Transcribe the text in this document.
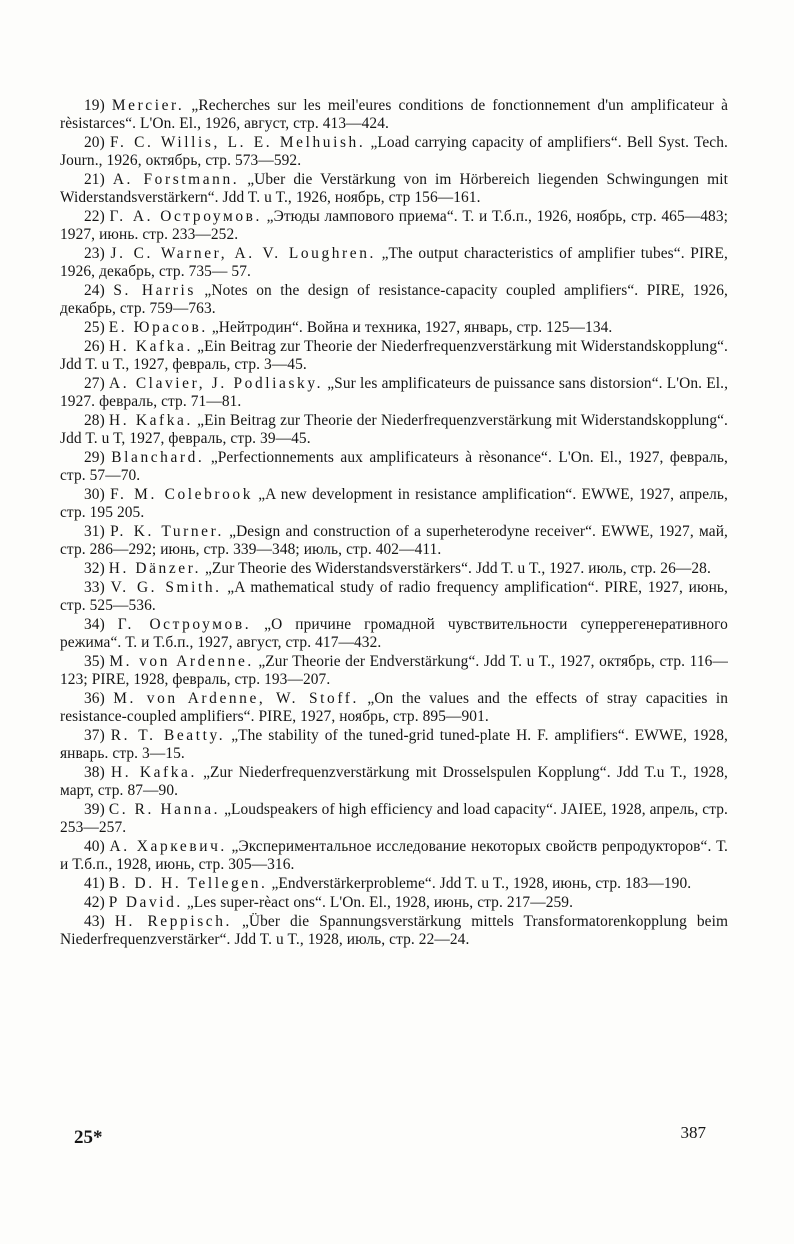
19) Mercier. „Recherches sur les meil'eures conditions de fonctionnement d'un amplificateur à rèsistarces“. L'On. El., 1926, август, стр. 413—424.

20) F. C. Willis, L. E. Melhuish. „Load carrying capacity of amplifiers“. Bell Syst. Tech. Journ., 1926, октябрь, стр. 573—592.

21) A. Forstmann. „Uber die Verstärkung von im Hörbereich liegenden Schwingungen mit Widerstandsverstärkern“. Jdd T. u T., 1926, ноябрь, стр 156—161.

22) Г. А. Остроумов. „Этюды лампового приема“. Т. и Т.б.п., 1926, ноябрь, стр. 465—483; 1927, июнь. стр. 233—252.

23) J. C. Warner, A. V. Loughren. „The output characteristics of amplifier tubes“. PIRE, 1926, декабрь, стр. 735— 57.

24) S. Harris „Notes on the design of resistance-capacity coupled amplifiers“. PIRE, 1926, декабрь, стр. 759—763.

25) E. Юрасов. „Нейтродин“. Война и техника, 1927, январь, стр. 125—134.

26) H. Kafka. „Ein Beitrag zur Theorie der Niederfrequenzverstärkung mit Widerstandskopplung“. Jdd T. u T., 1927, февраль, стр. 3—45.

27) A. Clavier, J. Podliasky. „Sur les amplificateurs de puissance sans distorsion“. L'On. El., 1927. февраль, стр. 71—81.

28) H. Kafka. „Ein Beitrag zur Theorie der Niederfrequenzverstärkung mit Widerstandskopplung“. Jdd T. u T, 1927, февраль, стр. 39—45.

29) Blanchard. „Perfectionnements aux amplificateurs à rèsonance“. L'On. El., 1927, февраль, стр. 57—70.

30) F. M. Colebrook „A new development in resistance amplification“. EWWE, 1927, апрель, стр. 195 205.

31) P. K. Turner. „Design and construction of a superheterodyne receiver“. EWWE, 1927, май, стр. 286—292; июнь, стр. 339—348; июль, стр. 402—411.

32) H. Dänzer. „Zur Theorie des Widerstandsverstärkers“. Jdd T. u T., 1927. июль, стр. 26—28.

33) V. G. Smith. „A mathematical study of radio frequency amplification“. PIRE, 1927, июнь, стр. 525—536.

34) Г. Остроумов. „О причине громадной чувствительности суперрегенеративного режима“. Т. и Т.б.п., 1927, август, стр. 417—432.

35) M. von Ardenne. „Zur Theorie der Endverstärkung“. Jdd T. u T., 1927, октябрь, стр. 116—123; PIRE, 1928, февраль, стр. 193—207.

36) M. von Ardenne, W. Stoff. „On the values and the effects of stray capacities in resistance-coupled amplifiers“. PIRE, 1927, ноябрь, стр. 895—901.

37) R. T. Beatty. „The stability of the tuned-grid tuned-plate H. F. amplifiers“. EWWE, 1928, январь. стр. 3—15.

38) H. Kafka. „Zur Niederfrequenzverstärkung mit Drosselspulen Kopplung“. Jdd T.u T., 1928, март, стр. 87—90.

39) C. R. Hanna. „Loudspeakers of high efficiency and load capacity“. JAIEE, 1928, апрель, стр. 253—257.

40) А. Харкевич. „Экспериментальное исследование некоторых свойств репродукторов“. Т. и Т.б.п., 1928, июнь, стр. 305—316.

41) B. D. H. Tellegen. „Endverstärkerprobleme“. Jdd T. u T., 1928, июнь, стр. 183—190.

42) P David. „Les super-rèact ons“. L'On. El., 1928, июнь, стр. 217—259.

43) H. Reppisch. „Über die Spannungsverstärkung mittels Transformatorenkopplung beim Niederfrequenzverstärker“. Jdd T. u T., 1928, июль, стр. 22—24.

25*	387
